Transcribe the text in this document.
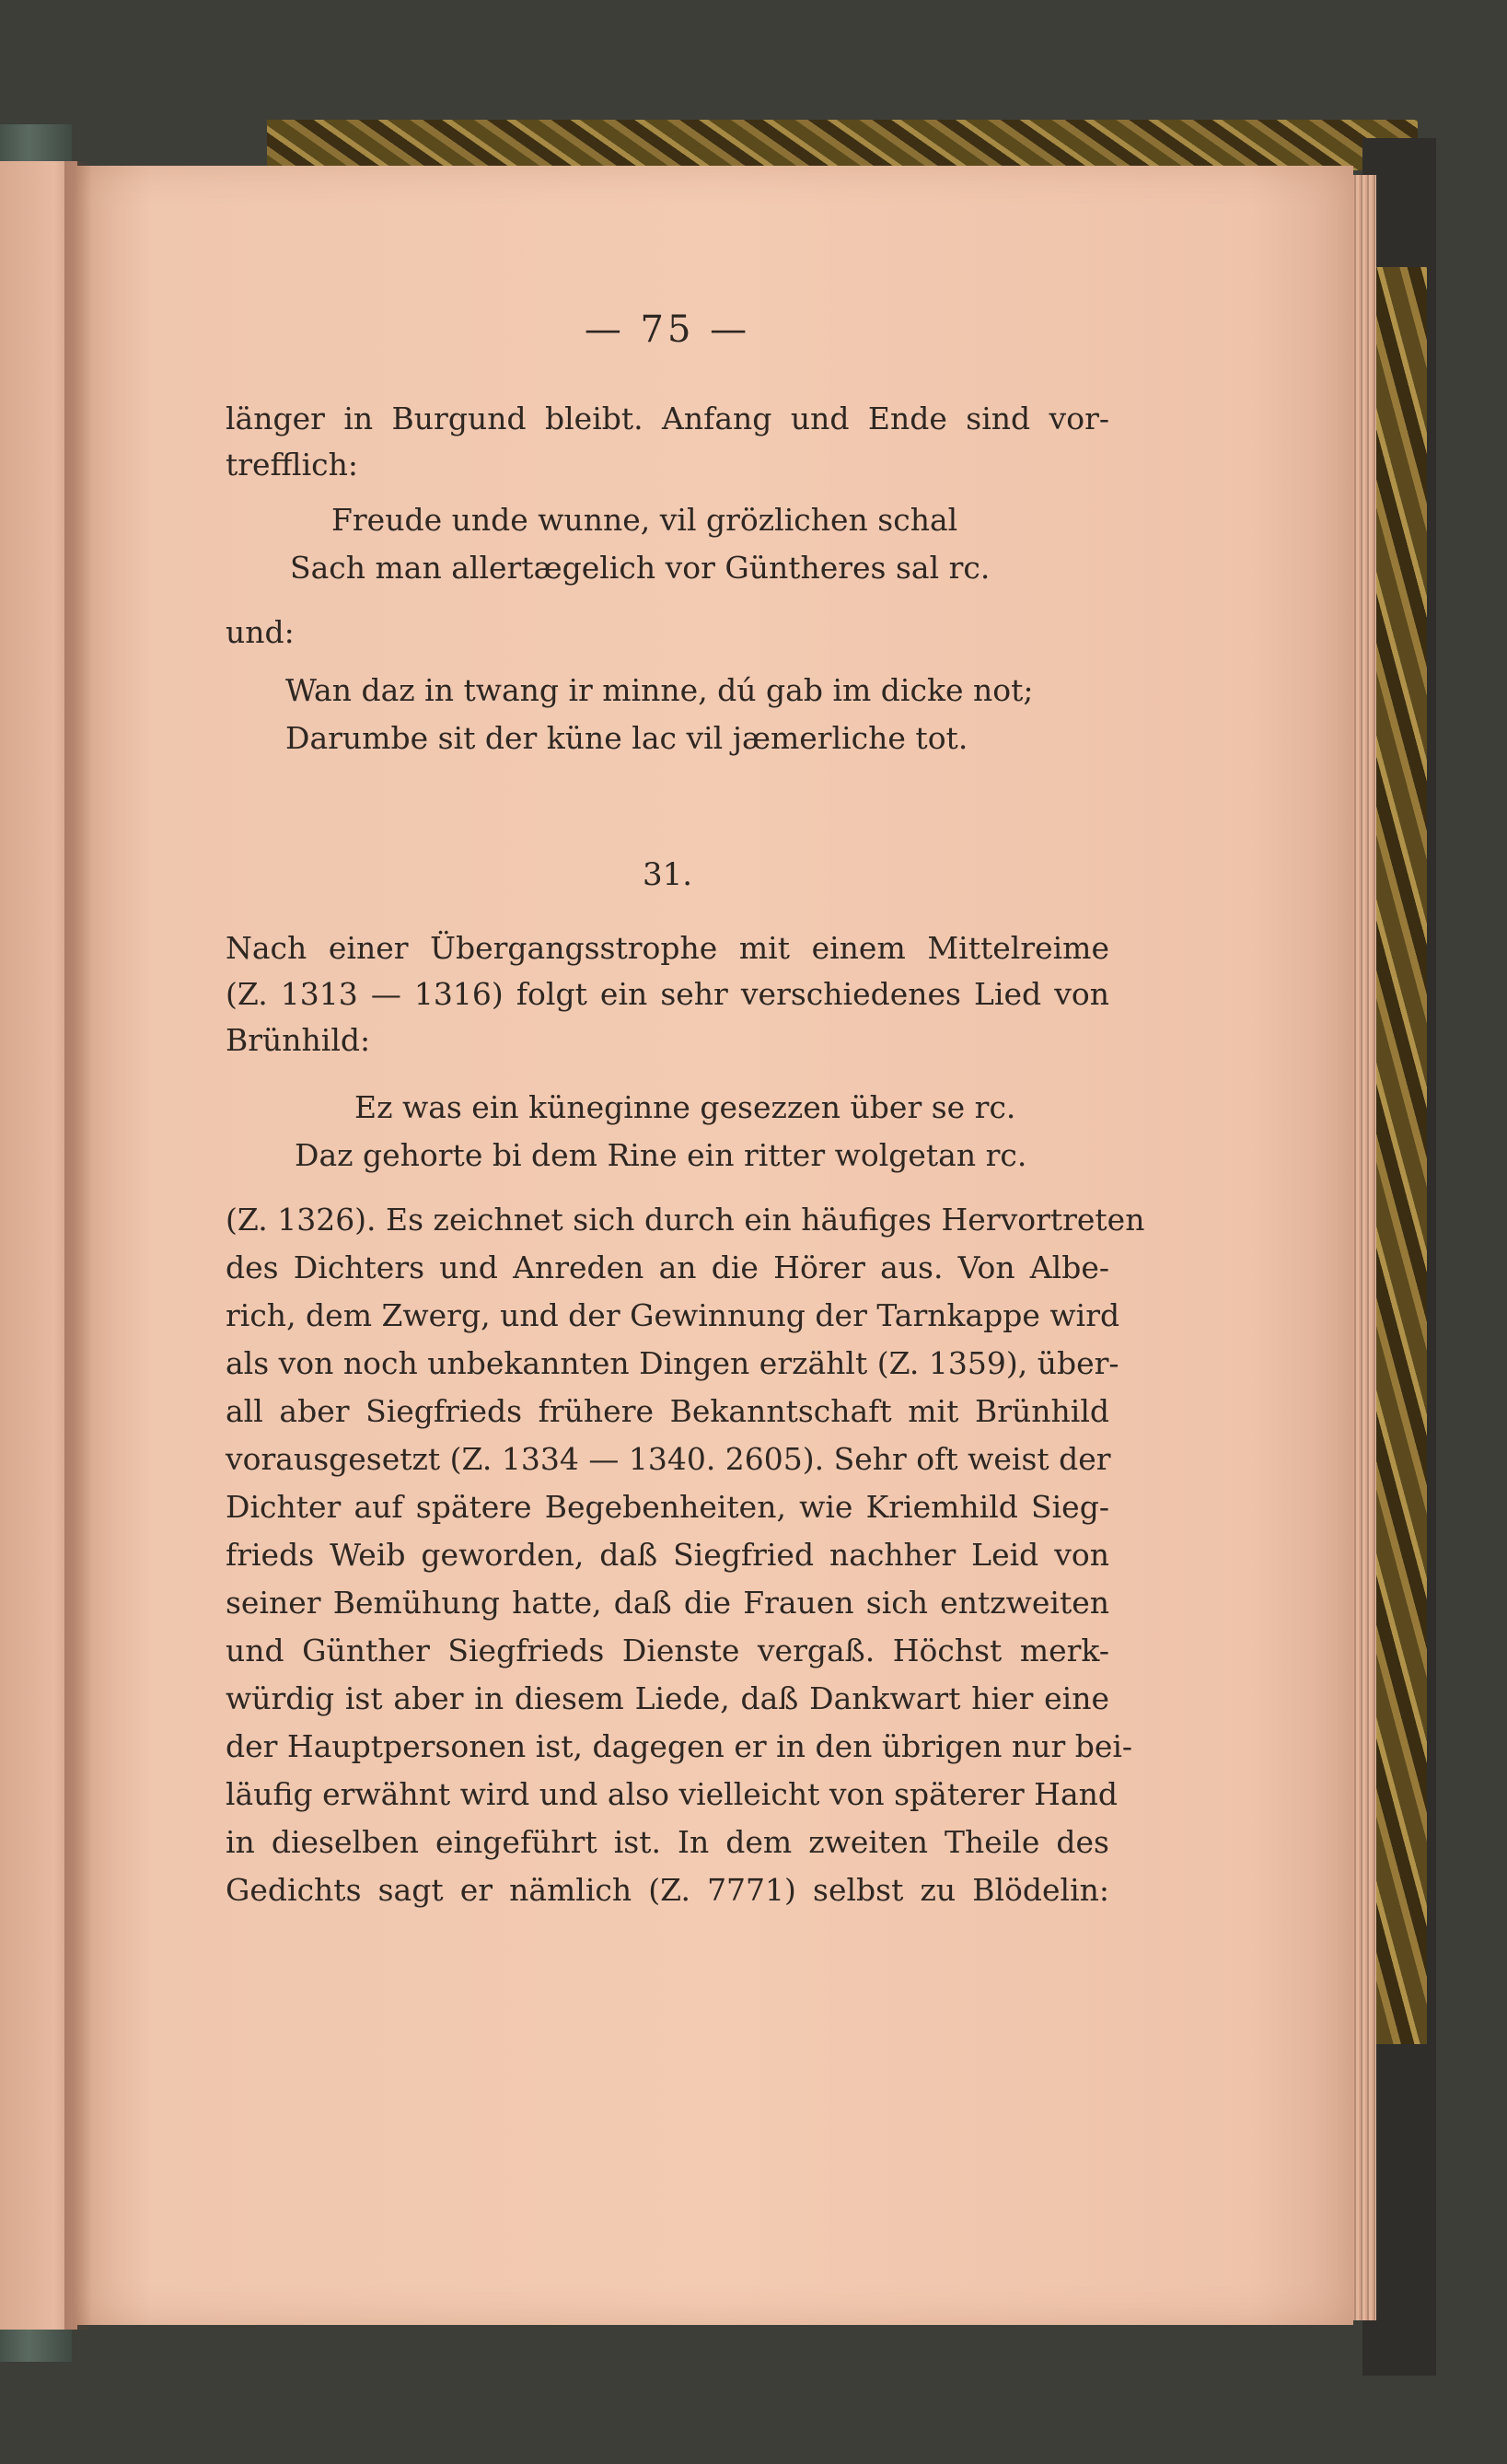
— 75 —
länger in Burgund bleibt. Anfang und Ende sind vor-
trefflich:
Freude unde wunne, vil grözlichen schal
Sach man allertægelich vor Güntheres sal rc.
und:
Wan daz in twang ir minne, dú gab im dicke not;
Darumbe sit der küne lac vil jæmerliche tot.
31.
Nach einer Übergangsstrophe mit einem Mittelreime
(Z. 1313 — 1316) folgt ein sehr verschiedenes Lied von
Brünhild:
Ez was ein küneginne gesezzen über se rc.
Daz gehorte bi dem Rine ein ritter wolgetan rc.
(Z. 1326). Es zeichnet sich durch ein häufiges Hervortreten
des Dichters und Anreden an die Hörer aus. Von Albe-
rich, dem Zwerg, und der Gewinnung der Tarnkappe wird
als von noch unbekannten Dingen erzählt (Z. 1359), über-
all aber Siegfrieds frühere Bekanntschaft mit Brünhild
vorausgesetzt (Z. 1334 — 1340. 2605). Sehr oft weist der
Dichter auf spätere Begebenheiten, wie Kriemhild Sieg-
frieds Weib geworden, daß Siegfried nachher Leid von
seiner Bemühung hatte, daß die Frauen sich entzweiten
und Günther Siegfrieds Dienste vergaß. Höchst merk-
würdig ist aber in diesem Liede, daß Dankwart hier eine
der Hauptpersonen ist, dagegen er in den übrigen nur bei-
läufig erwähnt wird und also vielleicht von späterer Hand
in dieselben eingeführt ist. In dem zweiten Theile des
Gedichts sagt er nämlich (Z. 7771) selbst zu Blödelin:
